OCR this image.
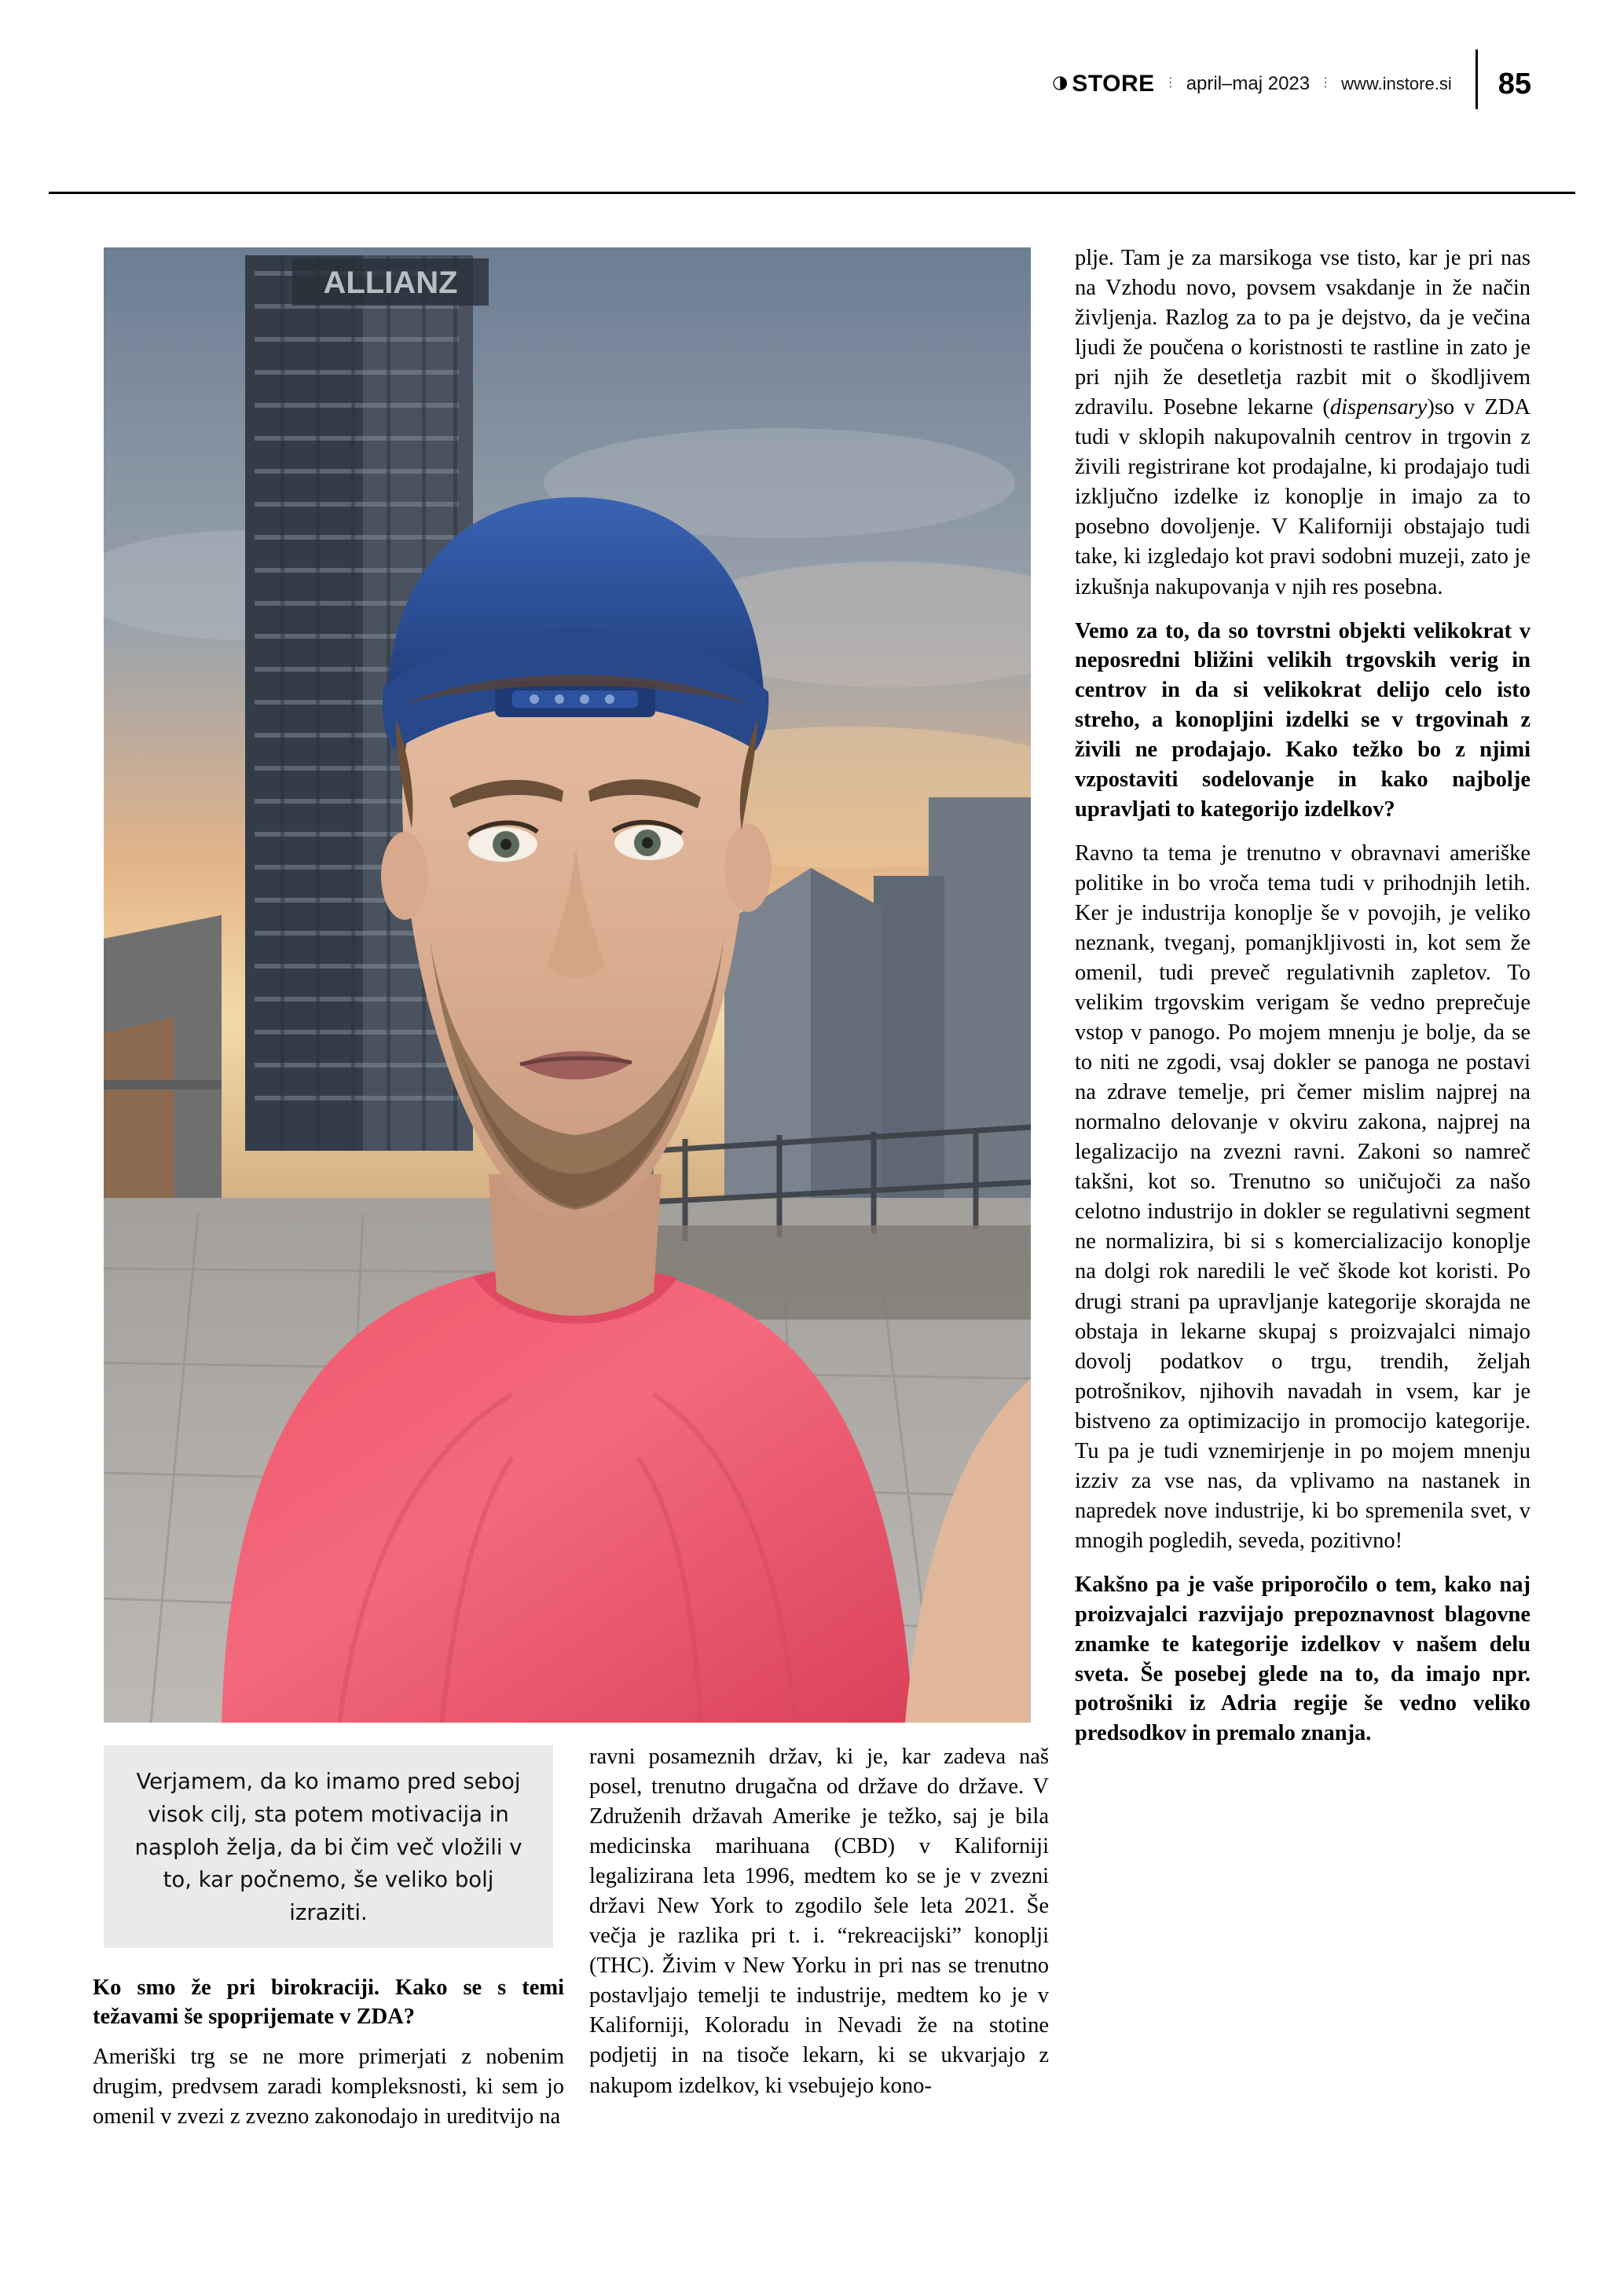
◑ STORE ⋮ april–maj 2023 ⋮ www.instore.si 85
ALLIANZ

Verjamem, da ko imamo pred seboj visok cilj, sta potem motivacija in nasploh želja, da bi čim več vložili v to, kar počnemo, še veliko bolj izraziti.

Ko smo že pri birokraciji. Kako se s temi težavami še spoprijemate v ZDA?

Ameriški trg se ne more primerjati z nobenim drugim, predvsem zaradi kompleksnosti, ki sem jo omenil v zvezi z zvezno zakonodajo in ureditvijo na

ravni posameznih držav, ki je, kar zadeva naš posel, trenutno drugačna od države do države. V Združenih državah Amerike je težko, saj je bila medicinska marihuana (CBD) v Kaliforniji legalizirana leta 1996, medtem ko se je v zvezni državi New York to zgodilo šele leta 2021. Še večja je razlika pri t. i. “rekreacijski” konoplji (THC). Živim v New Yorku in pri nas se trenutno postavljajo temelji te industrije, medtem ko je v Kaliforniji, Koloradu in Nevadi že na stotine podjetij in na tisoče lekarn, ki se ukvarjajo z nakupom izdelkov, ki vsebujejo kono-

plje. Tam je za marsikoga vse tisto, kar je pri nas na Vzhodu novo, povsem vsakdanje in že način življenja. Razlog za to pa je dejstvo, da je večina ljudi že poučena o koristnosti te rastline in zato je pri njih že desetletja razbit mit o škodljivem zdravilu. Posebne lekarne (dispensary)so v ZDA tudi v sklopih nakupovalnih centrov in trgovin z živili registrirane kot prodajalne, ki prodajajo tudi izključno izdelke iz konoplje in imajo za to posebno dovoljenje. V Kaliforniji obstajajo tudi take, ki izgledajo kot pravi sodobni muzeji, zato je izkušnja nakupovanja v njih res posebna.

Vemo za to, da so tovrstni objekti velikokrat v neposredni bližini velikih trgovskih verig in centrov in da si velikokrat delijo celo isto streho, a konopljini izdelki se v trgovinah z živili ne prodajajo. Kako težko bo z njimi vzpostaviti sodelovanje in kako najbolje upravljati to kategorijo izdelkov?

Ravno ta tema je trenutno v obravnavi ameriške politike in bo vroča tema tudi v prihodnjih letih. Ker je industrija konoplje še v povojih, je veliko neznank, tveganj, pomanjkljivosti in, kot sem že omenil, tudi preveč regulativnih zapletov. To velikim trgovskim verigam še vedno preprečuje vstop v panogo. Po mojem mnenju je bolje, da se to niti ne zgodi, vsaj dokler se panoga ne postavi na zdrave temelje, pri čemer mislim najprej na normalno delovanje v okviru zakona, najprej na legalizacijo na zvezni ravni. Zakoni so namreč takšni, kot so. Trenutno so uničujoči za našo celotno industrijo in dokler se regulativni segment ne normalizira, bi si s komercializacijo konoplje na dolgi rok naredili le več škode kot koristi. Po drugi strani pa upravljanje kategorije skorajda ne obstaja in lekarne skupaj s proizvajalci nimajo dovolj podatkov o trgu, trendih, željah potrošnikov, njihovih navadah in vsem, kar je bistveno za optimizacijo in promocijo kategorije. Tu pa je tudi vznemirjenje in po mojem mnenju izziv za vse nas, da vplivamo na nastanek in napredek nove industrije, ki bo spremenila svet, v mnogih pogledih, seveda, pozitivno!

Kakšno pa je vaše priporočilo o tem, kako naj proizvajalci razvijajo prepoznavnost blagovne znamke te kategorije izdelkov v našem delu sveta. Še posebej glede na to, da imajo npr. potrošniki iz Adria regije še vedno veliko predsodkov in premalo znanja.
